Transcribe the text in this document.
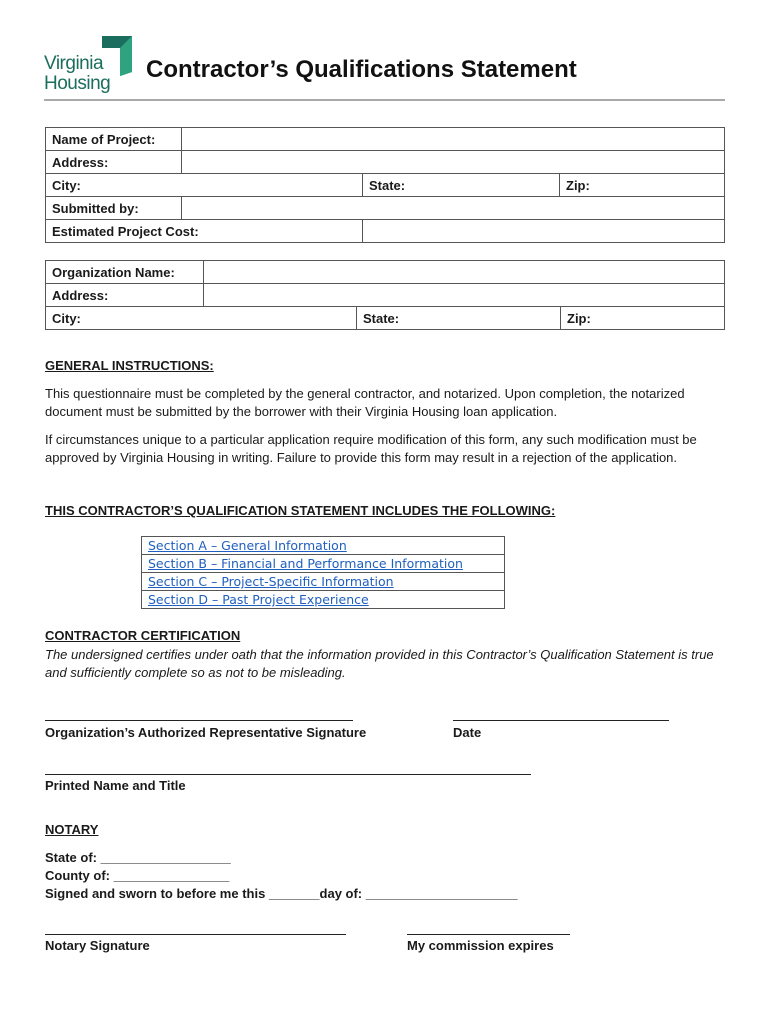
Virginia
Housing
Contractor’s Qualifications Statement
Name of Project:			
Address:			
City:		State:	Zip:
Submitted by:			
Estimated Project Cost:			
Organization Name:			
Address:			
City:		State:	Zip:
GENERAL INSTRUCTIONS:
This questionnaire must be completed by the general contractor, and notarized. Upon completion, the notarized document must be submitted by the borrower with their Virginia Housing loan application.
If circumstances unique to a particular application require modification of this form, any such modification must be approved by Virginia Housing in writing. Failure to provide this form may result in a rejection of the application.
THIS CONTRACTOR’S QUALIFICATION STATEMENT INCLUDES THE FOLLOWING:
Section A – General Information
Section B – Financial and Performance Information
Section C – Project-Specific Information
Section D – Past Project Experience
CONTRACTOR CERTIFICATION
The undersigned certifies under oath that the information provided in this Contractor’s Qualification Statement is true and sufficiently complete so as not to be misleading.
Organization’s Authorized Representative Signature	Date
Printed Name and Title
NOTARY
State of: __________________
County of: ________________
Signed and sworn to before me this _______day of: _____________________
Notary Signature	My commission expires
